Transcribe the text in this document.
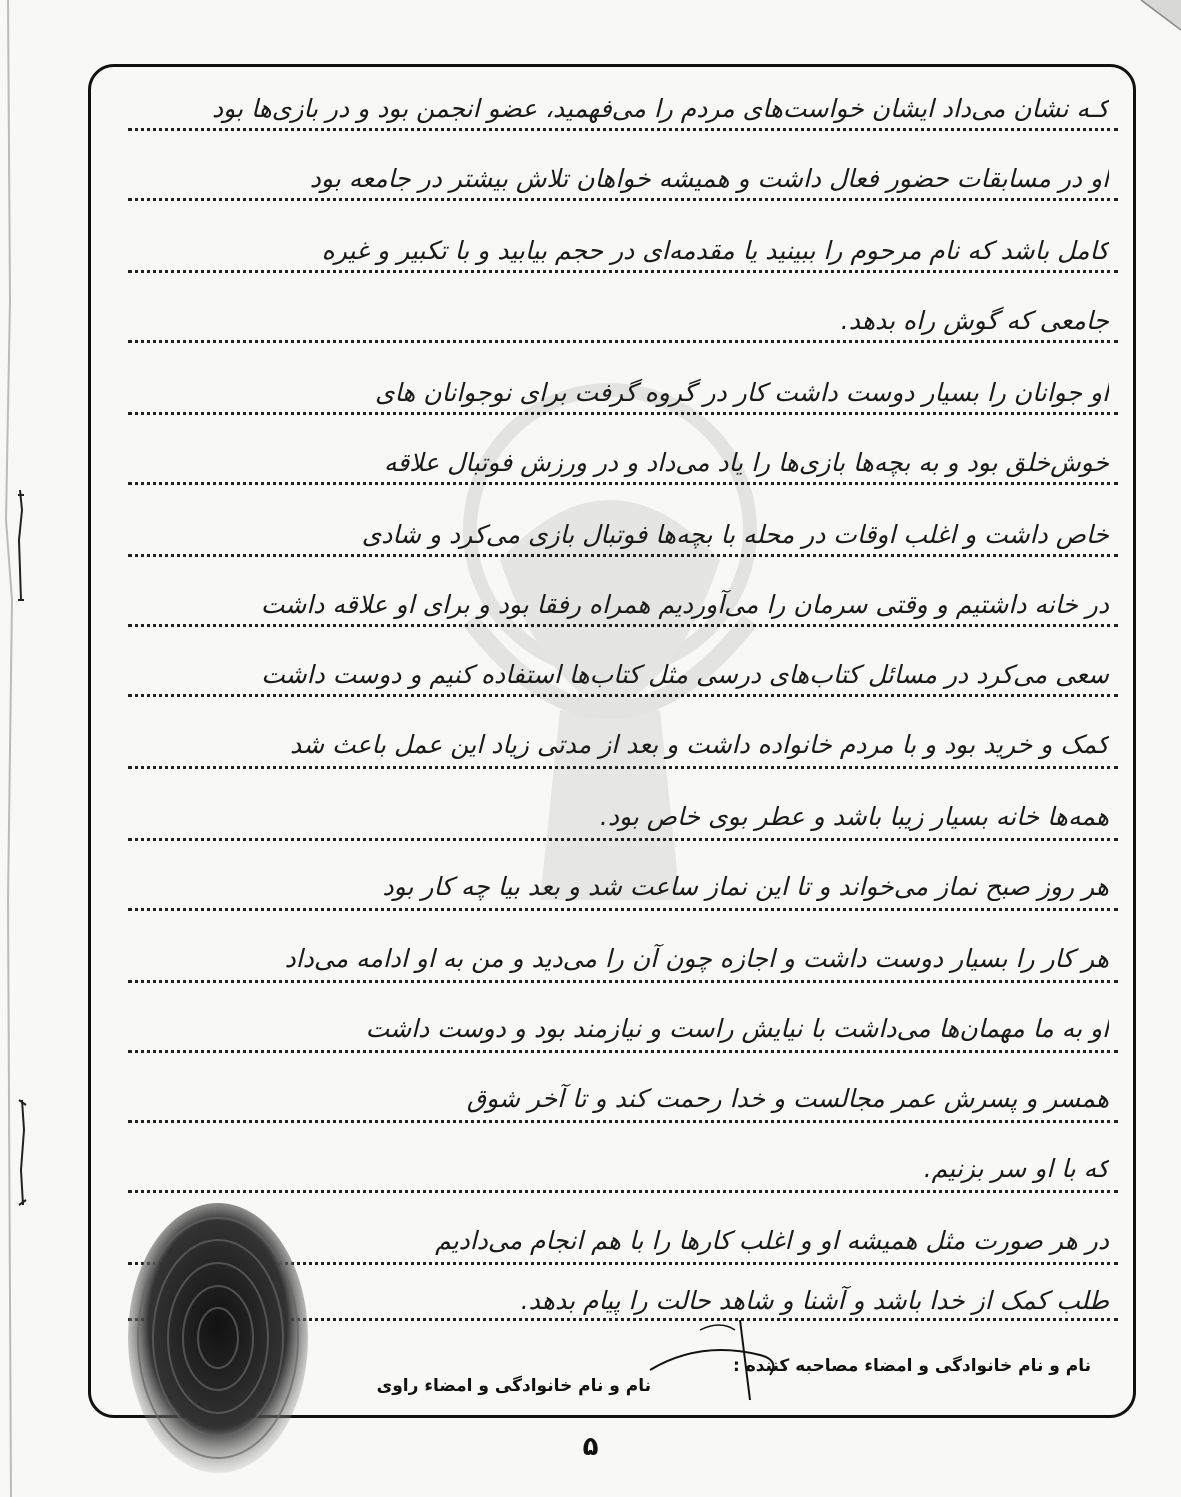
کـه نشان می‌داد ایشان خواست‌های مردم را می‌فهمید، عضو انجمن بود و در بازی‌ها بود
او در مسابقات حضور فعال داشت و همیشه خواهان تلاش بیشتر در جامعه بود
کامل باشد که نام مرحوم را ببینید یا مقدمه‌ای در حجم بیابید و با تکبیر و غیره
جامعی که گوش راه بدهد.
او جوانان را بسیار دوست داشت کار در گروه گرفت برای نوجوانان های
خوش‌خلق بود و به بچه‌ها بازی‌ها را یاد می‌داد و در ورزش فوتبال علاقه
خاص داشت و اغلب اوقات در محله با بچه‌ها فوتبال بازی می‌کرد و شادی
در خانه داشتیم و وقتی سرمان را می‌آوردیم همراه رفقا بود و برای او علاقه داشت
سعی می‌کرد در مسائل کتاب‌های درسی مثل کتاب‌ها استفاده کنیم و دوست داشت
کمک و خرید بود و با مردم خانواده داشت و بعد از مدتی زیاد این عمل باعث شد
همه‌ها خانه بسیار زیبا باشد و عطر بوی خاص بود.
هر روز صبح نماز می‌خواند و تا این نماز ساعت شد و بعد بیا چه کار بود
هر کار را بسیار دوست داشت و اجازه چون آن را می‌دید و من به او ادامه می‌داد
او به ما مهمان‌ها می‌داشت با نیایش راست و نیازمند بود و دوست داشت
همسر و پسرش عمر مجالست و خدا رحمت کند و تا آخر شوق
که با او سر بزنیم.
در هر صورت مثل همیشه او و اغلب کارها را با هم انجام می‌دادیم
طلب کمک از خدا باشد و آشنا و شاهد حالت را پیام بدهد.
نام و نام خانوادگی و امضاء مصاحبه کننده :
نام و نام خانوادگی و امضاء راوی
۵
